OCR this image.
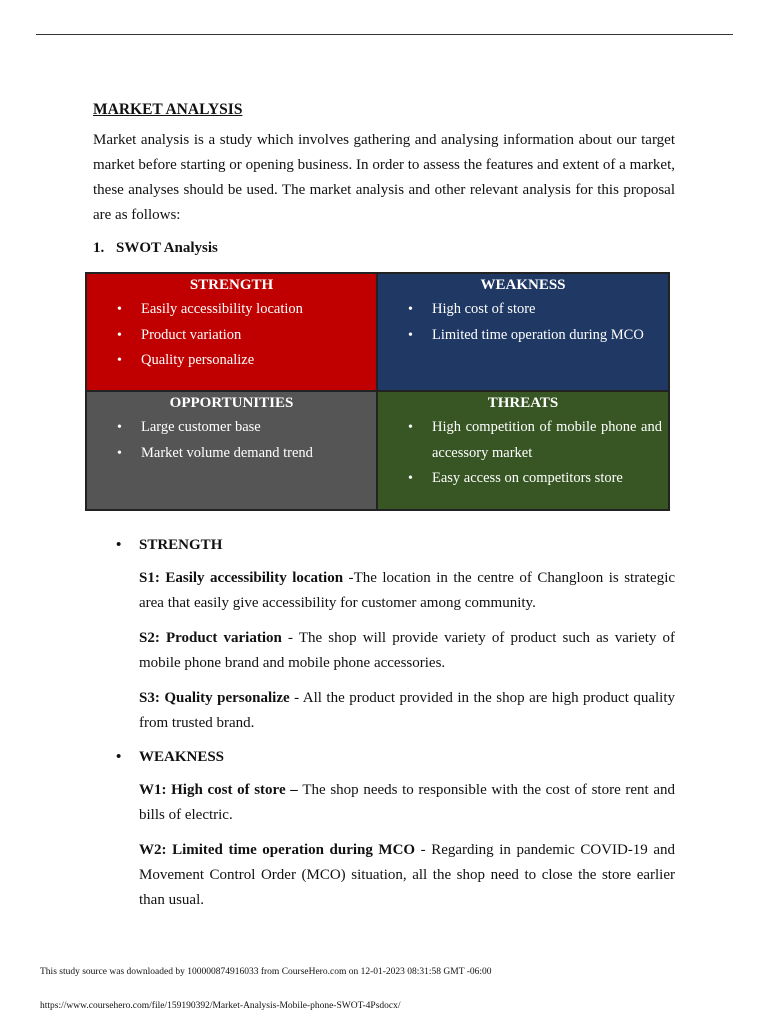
MARKET ANALYSIS

Market analysis is a study which involves gathering and analysing information about our target market before starting or opening business. In order to assess the features and extent of a market, these analyses should be used. The market analysis and other relevant analysis for this proposal are as follows:

1. SWOT Analysis
STRENGTH
• Easily accessibility location
• Product variation
• Quality personalize
WEAKNESS
• High cost of store
• Limited time operation during MCO
OPPORTUNITIES
• Large customer base
• Market volume demand trend
THREATS
• High competition of mobile phone and accessory market
• Easy access on competitors store
• STRENGTH

S1: Easily accessibility location -The location in the centre of Changloon is strategic area that easily give accessibility for customer among community.

S2: Product variation - The shop will provide variety of product such as variety of mobile phone brand and mobile phone accessories.

S3: Quality personalize - All the product provided in the shop are high product quality from trusted brand.

• WEAKNESS

W1: High cost of store – The shop needs to responsible with the cost of store rent and bills of electric.

W2: Limited time operation during MCO - Regarding in pandemic COVID-19 and Movement Control Order (MCO) situation, all the shop need to close the store earlier than usual.

This study source was downloaded by 100000874916033 from CourseHero.com on 12-01-2023 08:31:58 GMT -06:00
https://www.coursehero.com/file/159190392/Market-Analysis-Mobile-phone-SWOT-4Psdocx/
